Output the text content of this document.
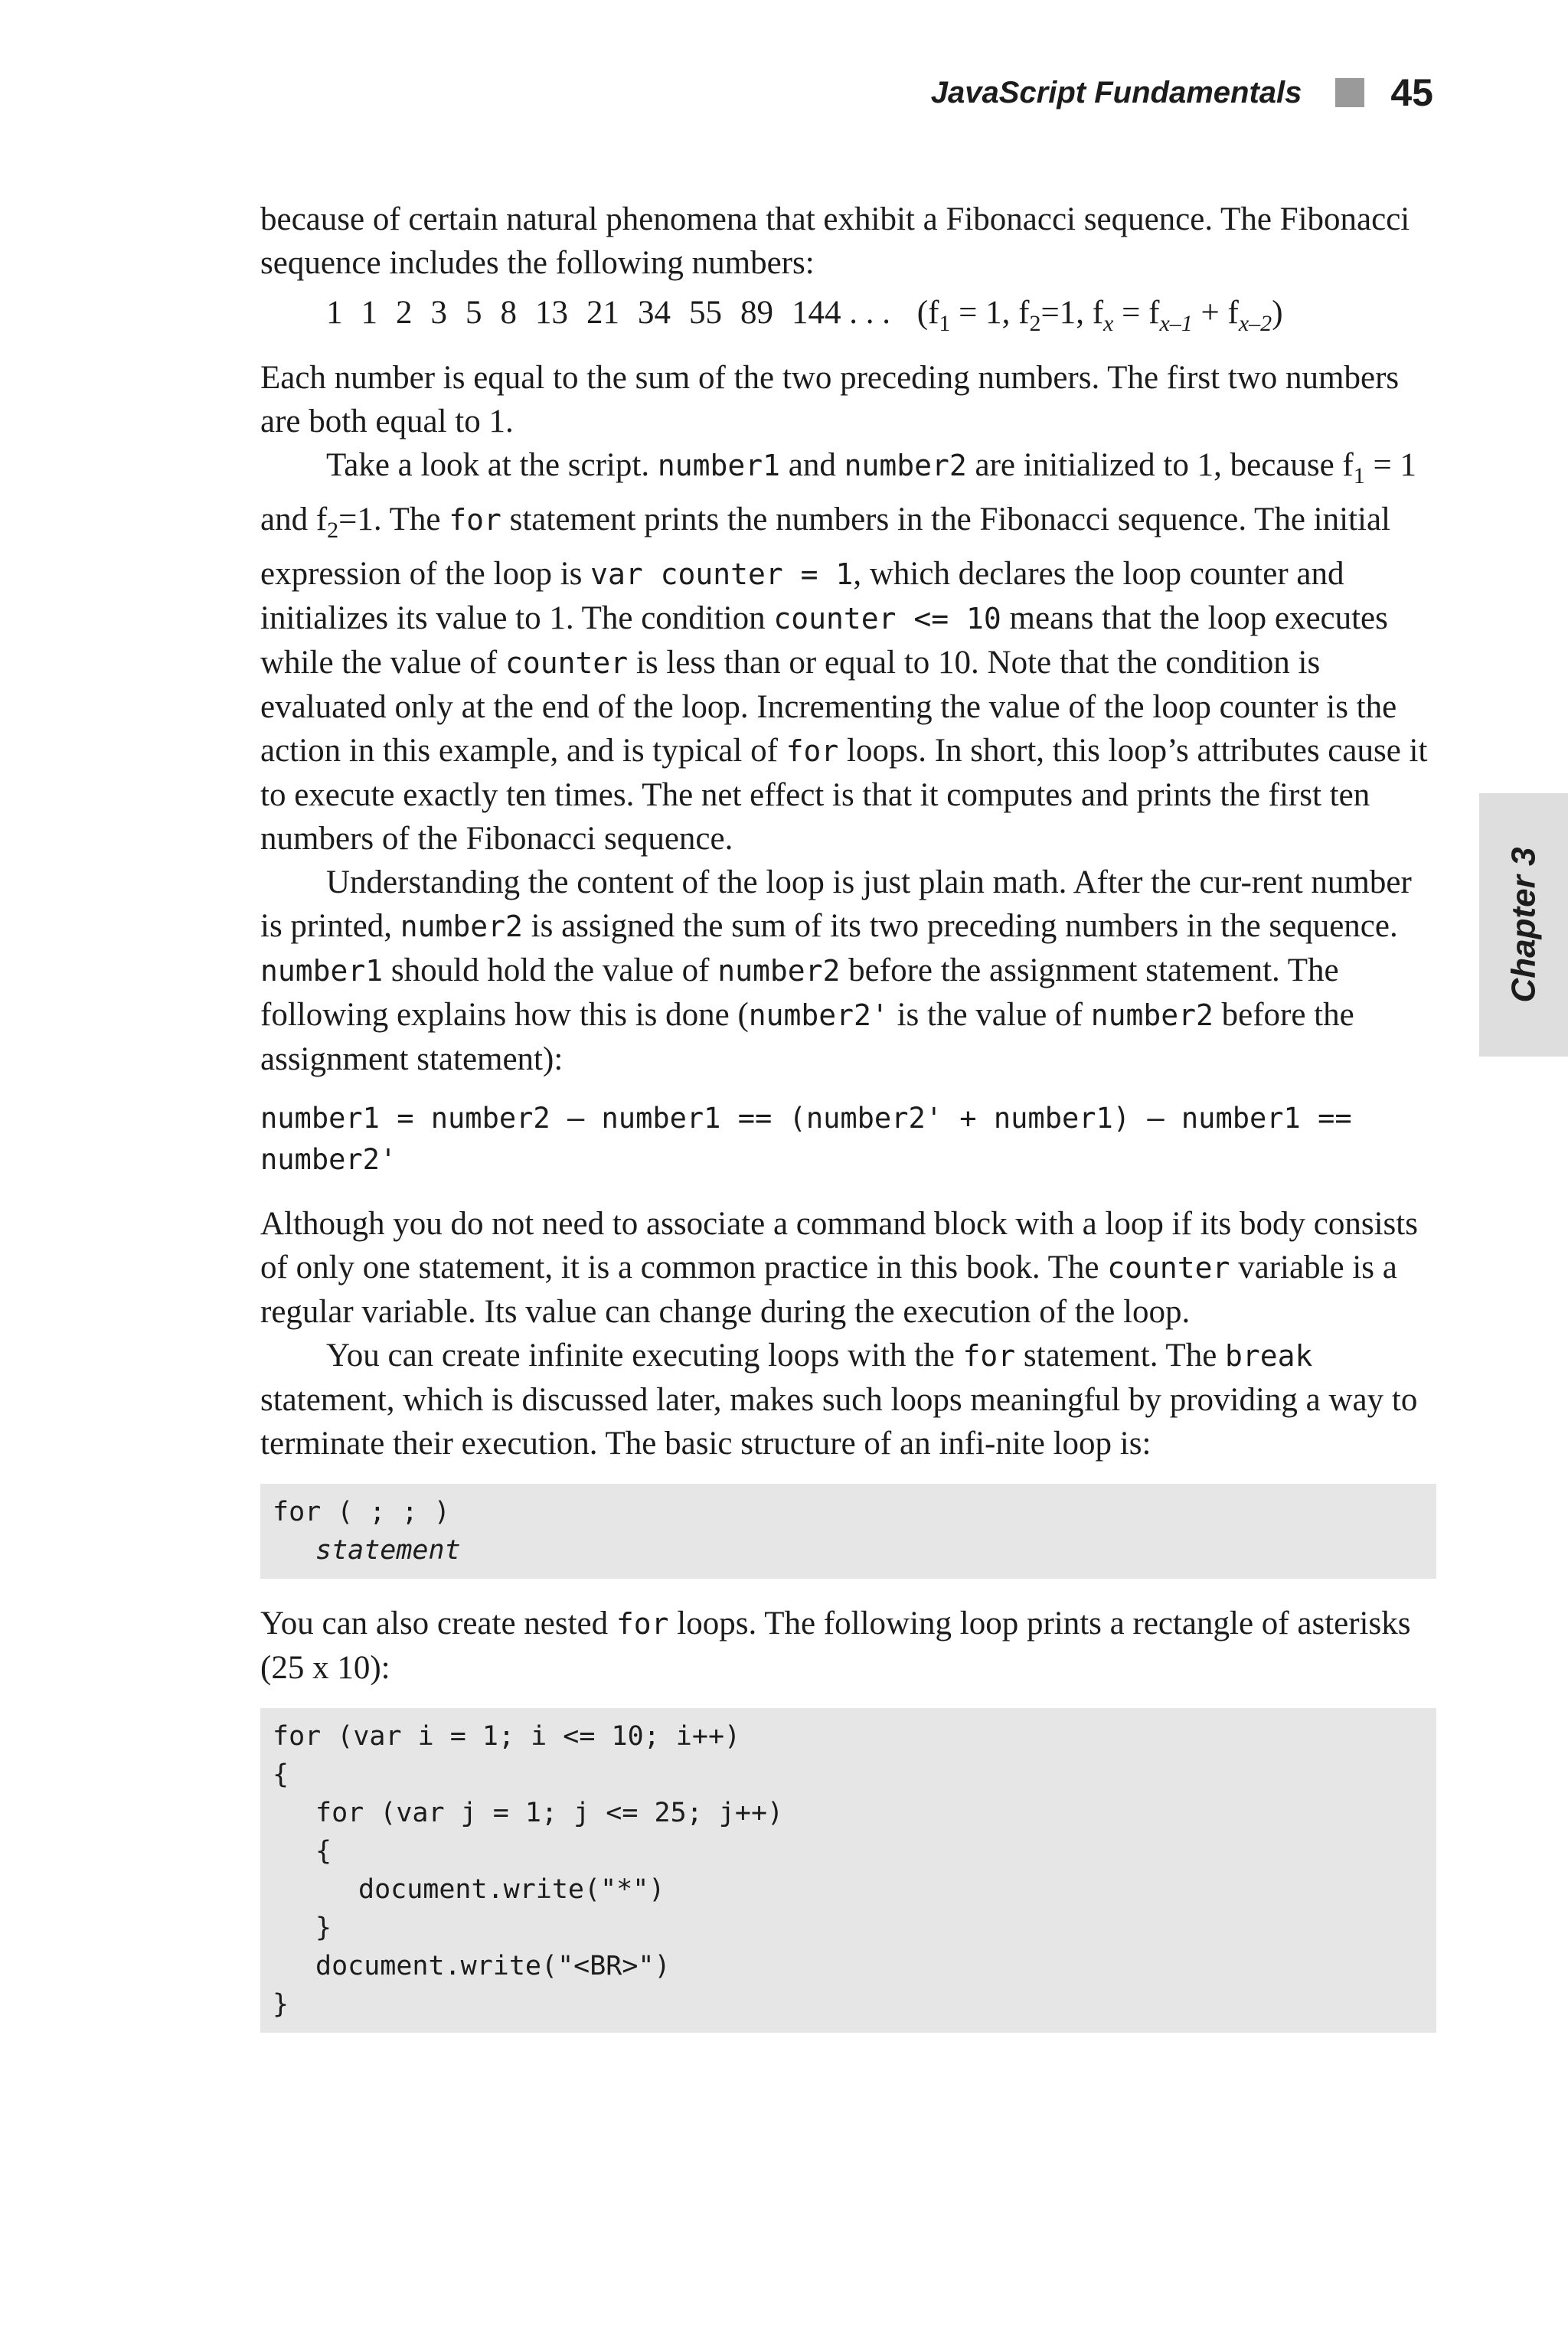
JavaScript Fundamentals 45
Chapter 3

because of certain natural phenomena that exhibit a Fibonacci sequence. The Fibonacci sequence includes the following numbers:

1 1 2 3 5 8 13 21 34 55 89 144 . . . ($f_1 = 1$, $f_2=1$, $f_x = f_{x-1} + f_{x-2}$)

Each number is equal to the sum of the two preceding numbers. The first two numbers are both equal to 1.

Take a look at the script. number1 and number2 are initialized to 1, because $f_1 = 1$ and $f_2=1$. The for statement prints the numbers in the Fibonacci sequence. The initial expression of the loop is var counter = 1, which declares the loop counter and initializes its value to 1. The condition counter <= 10 means that the loop executes while the value of counter is less than or equal to 10. Note that the condition is evaluated only at the end of the loop. Incrementing the value of the loop counter is the action in this example, and is typical of for loops. In short, this loop’s attributes cause it to execute exactly ten times. The net effect is that it computes and prints the first ten numbers of the Fibonacci sequence.

Understanding the content of the loop is just plain math. After the cur-rent number is printed, number2 is assigned the sum of its two preceding numbers in the sequence. number1 should hold the value of number2 before the assignment statement. The following explains how this is done (number2' is the value of number2 before the assignment statement):

number1 = number2 – number1 == (number2' + number1) – number1 == number2'

Although you do not need to associate a command block with a loop if its body consists of only one statement, it is a common practice in this book. The counter variable is a regular variable. Its value can change during the execution of the loop.

You can create infinite executing loops with the for statement. The break statement, which is discussed later, makes such loops meaningful by providing a way to terminate their execution. The basic structure of an infi-nite loop is:

for ( ; ; )
statement

You can also create nested for loops. The following loop prints a rectangle of asterisks (25 x 10):

for (var i = 1; i <= 10; i++)
{
for (var j = 1; j <= 25; j++)
{
document.write("*")
}
document.write("<BR>")
}
